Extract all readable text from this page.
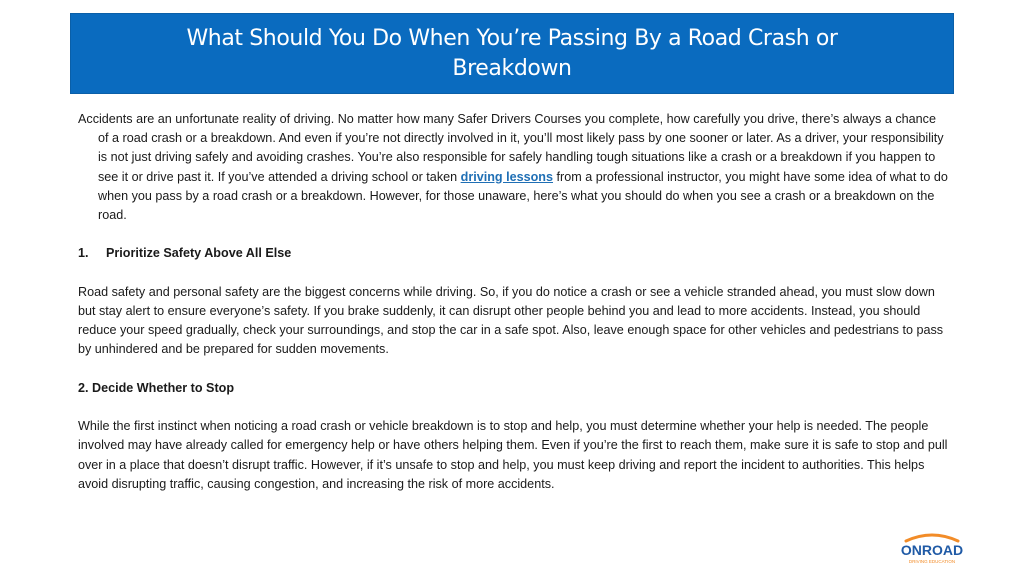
What Should You Do When You’re Passing By a Road Crash or
Breakdown

Accidents are an unfortunate reality of driving. No matter how many Safer Drivers Courses you complete, how carefully you drive, there’s always a chance of a road crash or a breakdown. And even if you’re not directly involved in it, you’ll most likely pass by one sooner or later. As a driver, your responsibility is not just driving safely and avoiding crashes. You’re also responsible for safely handling tough situations like a crash or a breakdown if you happen to see it or drive past it. If you’ve attended a driving school or taken driving lessons from a professional instructor, you might have some idea of what to do when you pass by a road crash or a breakdown. However, for those unaware, here’s what you should do when you see a crash or a breakdown on the road.

1. Prioritize Safety Above All Else

Road safety and personal safety are the biggest concerns while driving. So, if you do notice a crash or see a vehicle stranded ahead, you must slow down but stay alert to ensure everyone’s safety. If you brake suddenly, it can disrupt other people behind you and lead to more accidents. Instead, you should reduce your speed gradually, check your surroundings, and stop the car in a safe spot. Also, leave enough space for other vehicles and pedestrians to pass by unhindered and be prepared for sudden movements.

2. Decide Whether to Stop

While the first instinct when noticing a road crash or vehicle breakdown is to stop and help, you must determine whether your help is needed. The people involved may have already called for emergency help or have others helping them. Even if you’re the first to reach them, make sure it is safe to stop and pull over in a place that doesn’t disrupt traffic. However, if it’s unsafe to stop and help, you must keep driving and report the incident to authorities. This helps avoid disrupting traffic, causing congestion, and increasing the risk of more accidents.

ONROAD
DRIVING EDUCATION
